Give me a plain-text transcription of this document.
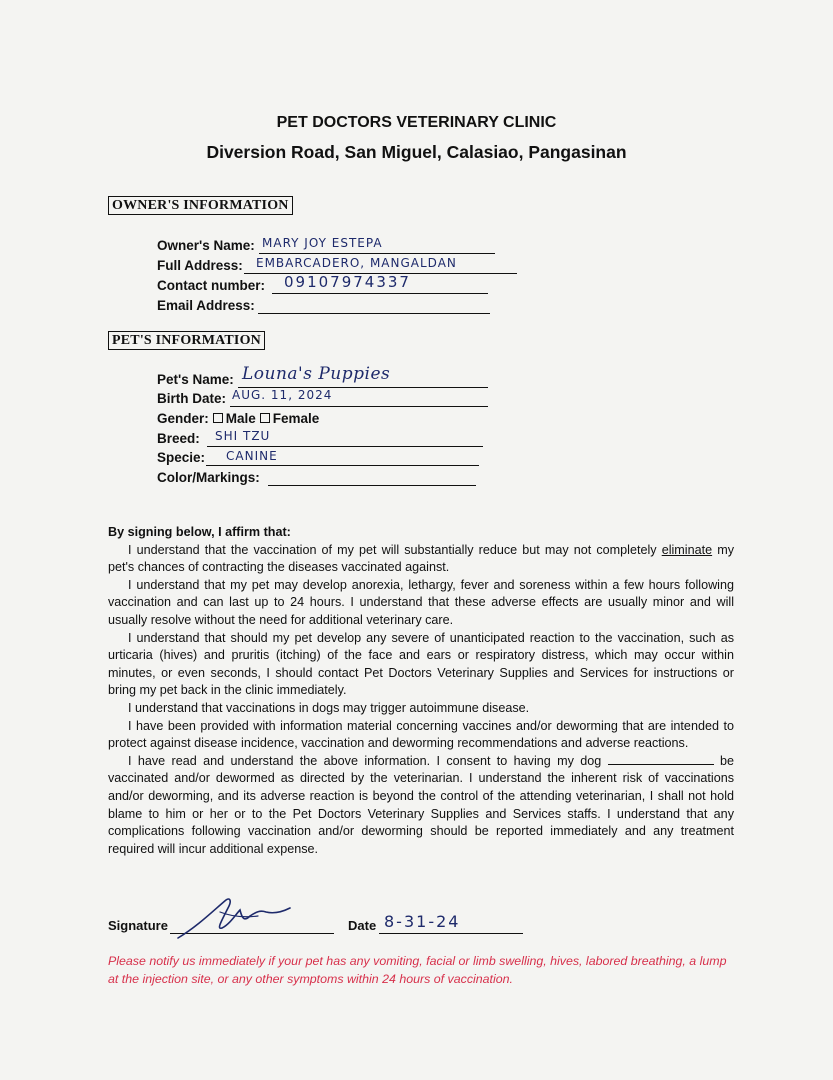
PET DOCTORS VETERINARY CLINIC
Diversion Road, San Miguel, Calasiao, Pangasinan
OWNER'S INFORMATION
Owner's Name: MARY JOY ESTEPA
Full Address: EMBARCADERO, MANGALDAN
Contact number: 09107974337
Email Address:
PET'S INFORMATION
Pet's Name: Louna's Puppies
Birth Date: AUG. 11, 2024
Gender: Male Female
Breed: SHI TZU
Specie: CANINE
Color/Markings:

By signing below, I affirm that:

I understand that the vaccination of my pet will substantially reduce but may not completely eliminate my pet's chances of contracting the diseases vaccinated against.

I understand that my pet may develop anorexia, lethargy, fever and soreness within a few hours following vaccination and can last up to 24 hours. I understand that these adverse effects are usually minor and will usually resolve without the need for additional veterinary care.

I understand that should my pet develop any severe of unanticipated reaction to the vaccination, such as urticaria (hives) and pruritis (itching) of the face and ears or respiratory distress, which may occur within minutes, or even seconds, I should contact Pet Doctors Veterinary Supplies and Services for instructions or bring my pet back in the clinic immediately.

I understand that vaccinations in dogs may trigger autoimmune disease.

I have been provided with information material concerning vaccines and/or deworming that are intended to protect against disease incidence, vaccination and deworming recommendations and adverse reactions.

I have read and understand the above information. I consent to having my dog	be vaccinated and/or dewormed as directed by the veterinarian. I understand the inherent risk of vaccinations and/or deworming, and its adverse reaction is beyond the control of the attending veterinarian, I shall not hold blame to him or her or to the Pet Doctors Veterinary Supplies and Services staffs. I understand that any complications following vaccination and/or deworming should be reported immediately and any treatment required will incur additional expense.

Signature	Date 8-31-24
Please notify us immediately if your pet has any vomiting, facial or limb swelling, hives, labored breathing, a lump at the injection site, or any other symptoms within 24 hours of vaccination.
